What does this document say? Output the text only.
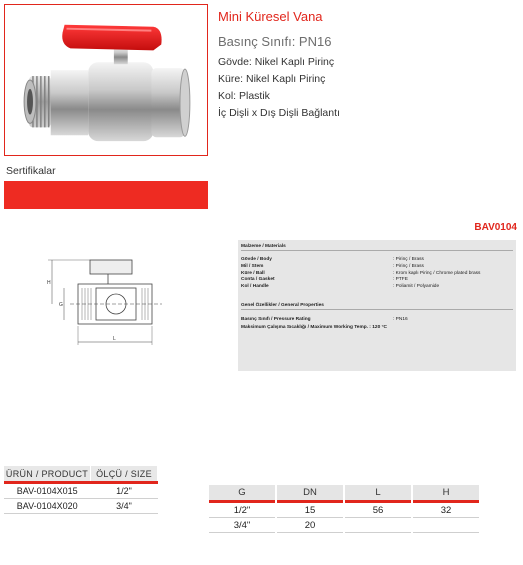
Mini Küresel Vana
Basınç Sınıfı: PN16
Gövde: Nikel Kaplı Pirinç
Küre: Nikel Kaplı Pirinç
Kol: Plastik
İç Dişli x Dış Dişli Bağlantı
Sertifikalar
BAV0104
H
L
G
Malzeme / Materials
Gövde / Body	: Pirinç / Brass
Mil / Stem	: Pirinç / Brass
Küre / Ball	: Krom kaplı Pirinç / Chrome plated brass
Conta / Gasket	: PTFE
Kol / Handle	: Poliamit / Polyamide
Genel Özellikler / General Properties
Basınç Sınıfı / Pressure Rating	: PN16
Maksimum Çalışma Sıcaklığı / Maximum Working Temp. : 120 °C
ÜRÜN / PRODUCT	ÖLÇÜ / SIZE
BAV-0104X015	1/2"
BAV-0104X020	3/4"
G	DN	L	H
1/2"	15	56	32
3/4"	20		
